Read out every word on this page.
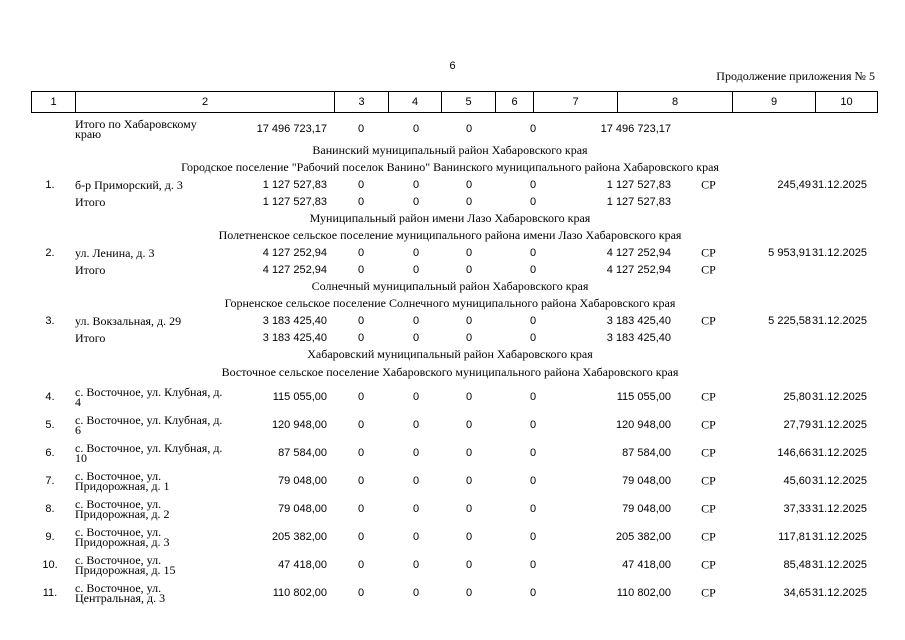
6
Продолжение приложения № 5
1	2	3	4	5	6	7	8	9	10
Итого по Хабаровскому краю	17 496 723,17	0	0	0	0	17 496 723,17
Ванинский муниципальный район Хабаровского края
Городское поселение "Рабочий поселок Ванино" Ванинского муниципального района Хабаровского края
1.	б-р Приморский, д. 3	1 127 527,83	0	0	0	0	1 127 527,83	СР	245,49 31.12.2025
Итого	1 127 527,83	0	0	0	0	1 127 527,83
Муниципальный район имени Лазо Хабаровского края
Полетненское сельское поселение муниципального района имени Лазо Хабаровского края
2.	ул. Ленина, д. 3	4 127 252,94	0	0	0	0	4 127 252,94	СР	5 953,91 31.12.2025
Итого	4 127 252,94	0	0	0	0	4 127 252,94	СР
Солнечный муниципальный район Хабаровского края
Горненское сельское поселение Солнечного муниципального района Хабаровского края
3.	ул. Вокзальная, д. 29	3 183 425,40	0	0	0	0	3 183 425,40	СР	5 225,58 31.12.2025
Итого	3 183 425,40	0	0	0	0	3 183 425,40
Хабаровский муниципальный район Хабаровского края
Восточное сельское поселение Хабаровского муниципального района Хабаровского края
4.	с. Восточное, ул. Клубная, д. 4	115 055,00	0	0	0	0	115 055,00	СР	25,80 31.12.2025
5.	с. Восточное, ул. Клубная, д. 6	120 948,00	0	0	0	0	120 948,00	СР	27,79 31.12.2025
6.	с. Восточное, ул. Клубная, д. 10	87 584,00	0	0	0	0	87 584,00	СР	146,66 31.12.2025
7.	с. Восточное, ул. Придорожная, д. 1	79 048,00	0	0	0	0	79 048,00	СР	45,60 31.12.2025
8.	с. Восточное, ул. Придорожная, д. 2	79 048,00	0	0	0	0	79 048,00	СР	37,33 31.12.2025
9.	с. Восточное, ул. Придорожная, д. 3	205 382,00	0	0	0	0	205 382,00	СР	117,81 31.12.2025
10.	с. Восточное, ул. Придорожная, д. 15	47 418,00	0	0	0	0	47 418,00	СР	85,48 31.12.2025
11.	с. Восточное, ул. Центральная, д. 3	110 802,00	0	0	0	0	110 802,00	СР	34,65 31.12.2025
